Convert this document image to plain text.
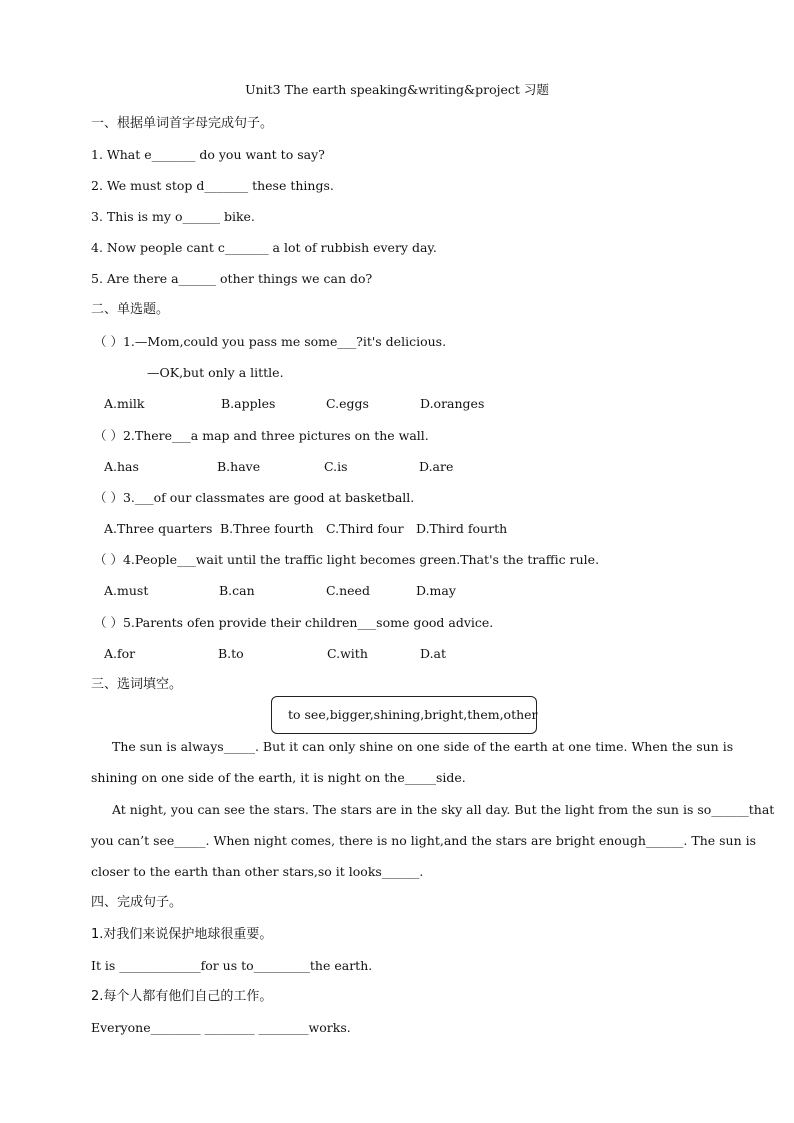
Unit3 The earth speaking&writing&project 习题
一、根据单词首字母完成句子。
1. What e_______ do you want to say?
2. We must stop d_______ these things.
3. This is my o______ bike.
4. Now people cant c_______ a lot of rubbish every day.
5. Are there a______ other things we can do?
二、单选题。
（ ）1.—Mom,could you pass me some___?it's delicious.
—OK,but only a little.
A.milk	B.apples	C.eggs	D.oranges
（ ）2.There___a map and three pictures on the wall.
A.has	B.have	C.is	D.are
（ ）3.___of our classmates are good at basketball.
A.Three quarters B.Three fourth C.Third four D.Third fourth
（ ）4.People___wait until the traffic light becomes green.That's the traffic rule.
A.must	B.can	C.need	D.may
（ ）5.Parents ofen provide their children___some good advice.
A.for	B.to	C.with	D.at
三、选词填空。
to see,bigger,shining,bright,them,other
The sun is always_____. But it can only shine on one side of the earth at one time. When the sun is
shining on one side of the earth, it is night on the_____side.
At night, you can see the stars. The stars are in the sky all day. But the light from the sun is so______that
you can’t see_____. When night comes, there is no light,and the stars are bright enough______. The sun is
closer to the earth than other stars,so it looks______.
四、完成句子。
1.对我们来说保护地球很重要。
It is _____________for us to_________the earth.
2.每个人都有他们自己的工作。
Everyone________ ________ ________works.
